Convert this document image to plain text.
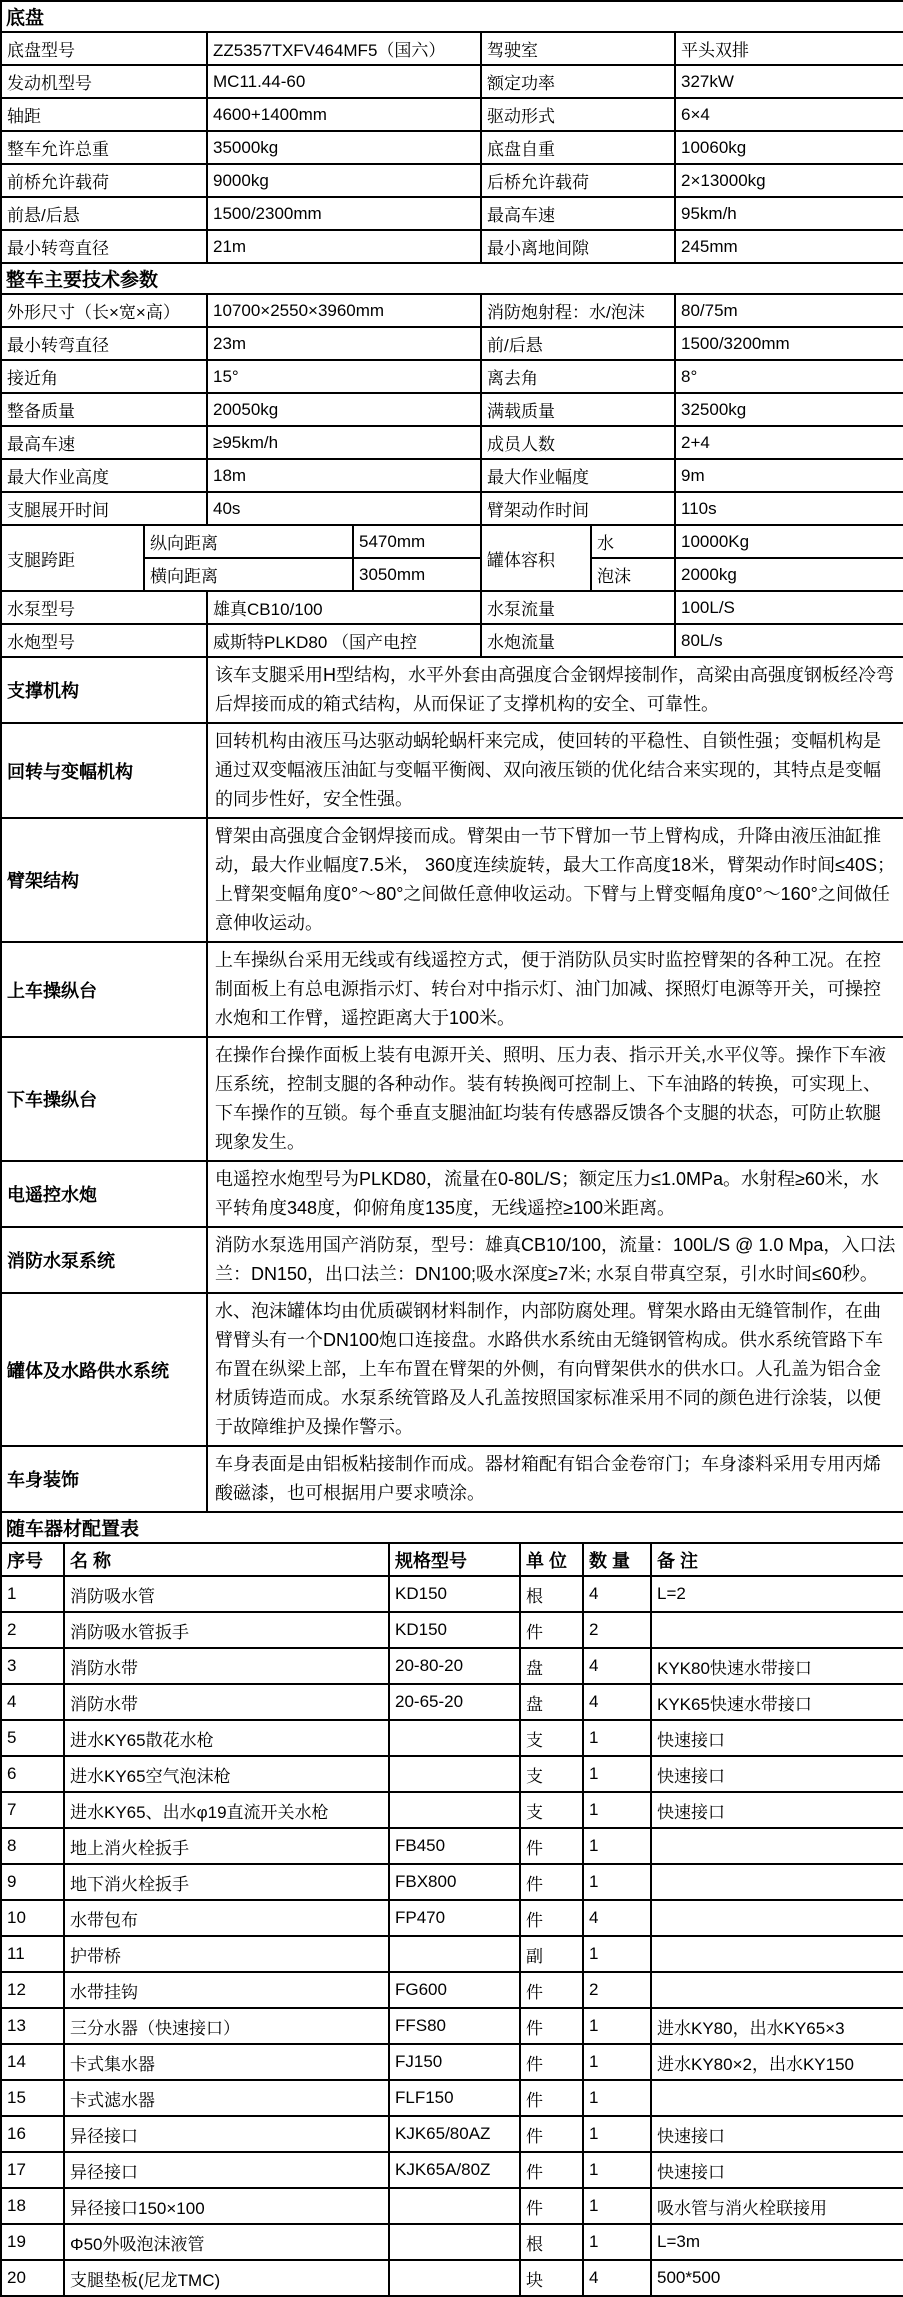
底盘			
底盘型号	ZZ5357TXFV464MF5（国六）	驾驶室	平头双排
发动机型号	MC11.44-60	额定功率	327kW
轴距	4600+1400mm	驱动形式	6×4
整车允许总重	35000kg	底盘自重	10060kg
前桥允许载荷	9000kg	后桥允许载荷	2×13000kg
前悬/后悬	1500/2300mm	最高车速	95km/h
最小转弯直径	21m	最小离地间隙	245mm
整车主要技术参数						
外形尺寸（长×宽×高）		10700×2550×3960mm		消防炮射程：水/泡沫		80/75m
最小转弯直径		23m		前/后悬		1500/3200mm
接近角		15°		离去角		8°
整备质量		20050kg		满载质量		32500kg
最高车速		≥95km/h		成员人数		2+4
最大作业高度		18m		最大作业幅度		9m
支腿展开时间		40s		臂架动作时间		110s
支腿跨距	纵向距离		5470mm	罐体容积	水	10000Kg
	横向距离		3050mm		泡沫	2000kg
水泵型号		雄真CB10/100		水泵流量		100L/S
水炮型号		威斯特PLKD80 （国产电控		水炮流量		80L/s
支撑机构		该车支腿采用H型结构，水平外套由高强度合金钢焊接制作，高梁由高强度钢板经冷弯后焊接而成的箱式结构，从而保证了支撑机构的安全、可靠性。				
回转与变幅机构		回转机构由液压马达驱动蜗轮蜗杆来完成，使回转的平稳性、自锁性强；变幅机构是通过双变幅液压油缸与变幅平衡阀、双向液压锁的优化结合来实现的，其特点是变幅的同步性好，安全性强。				
臂架结构		臂架由高强度合金钢焊接而成。臂架由一节下臂加一节上臂构成，升降由液压油缸推动，最大作业幅度7.5米， 360度连续旋转，最大工作高度18米，臂架动作时间≤40S；上臂架变幅角度0°～80°之间做任意伸收运动。下臂与上臂变幅角度0°～160°之间做任意伸收运动。				
上车操纵台		上车操纵台采用无线或有线遥控方式，便于消防队员实时监控臂架的各种工况。在控制面板上有总电源指示灯、转台对中指示灯、油门加减、探照灯电源等开关，可操控水炮和工作臂，遥控距离大于100米。				
下车操纵台		在操作台操作面板上装有电源开关、照明、压力表、指示开关,水平仪等。操作下车液压系统，控制支腿的各种动作。装有转换阀可控制上、下车油路的转换，可实现上、下车操作的互锁。每个垂直支腿油缸均装有传感器反馈各个支腿的状态，可防止软腿现象发生。				
电遥控水炮		电遥控水炮型号为PLKD80，流量在0-80L/S；额定压力≤1.0MPa。水射程≥60米，水平转角度348度，仰俯角度135度，无线遥控≥100米距离。				
消防水泵系统		消防水泵选用国产消防泵，型号：雄真CB10/100，流量：100L/S @ 1.0 Mpa，入口法兰：DN150，出口法兰：DN100;吸水深度≥7米; 水泵自带真空泵，引水时间≤60秒。				
罐体及水路供水系统		水、泡沫罐体均由优质碳钢材料制作，内部防腐处理。臂架水路由无缝管制作，在曲臂臂头有一个DN100炮口连接盘。水路供水系统由无缝钢管构成。供水系统管路下车布置在纵梁上部，上车布置在臂架的外侧，有向臂架供水的供水口。人孔盖为铝合金材质铸造而成。水泵系统管路及人孔盖按照国家标准采用不同的颜色进行涂装，以便于故障维护及操作警示。				
车身装饰		车身表面是由铝板粘接制作而成。器材箱配有铝合金卷帘门；车身漆料采用专用丙烯酸磁漆，也可根据用户要求喷涂。				
随车器材配置表					
序号	名 称	规格型号	单 位	数 量	备 注
1	消防吸水管	KD150	根	4	L=2
2	消防吸水管扳手	KD150	件	2	
3	消防水带	20-80-20	盘	4	KYK80快速水带接口
4	消防水带	20-65-20	盘	4	KYK65快速水带接口
5	进水KY65散花水枪		支	1	快速接口
6	进水KY65空气泡沫枪		支	1	快速接口
7	进水KY65、出水φ19直流开关水枪		支	1	快速接口
8	地上消火栓扳手	FB450	件	1	
9	地下消火栓扳手	FBX800	件	1	
10	水带包布	FP470	件	4	
11	护带桥		副	1	
12	水带挂钩	FG600	件	2	
13	三分水器（快速接口）	FFS80	件	1	进水KY80，出水KY65×3
14	卡式集水器	FJ150	件	1	进水KY80×2，出水KY150
15	卡式滤水器	FLF150	件	1	
16	异径接口	KJK65/80AZ	件	1	快速接口
17	异径接口	KJK65A/80Z	件	1	快速接口
18	异径接口150×100		件	1	吸水管与消火栓联接用
19	Φ50外吸泡沫液管		根	1	L=3m
20	支腿垫板(尼龙TMC)		块	4	500*500
